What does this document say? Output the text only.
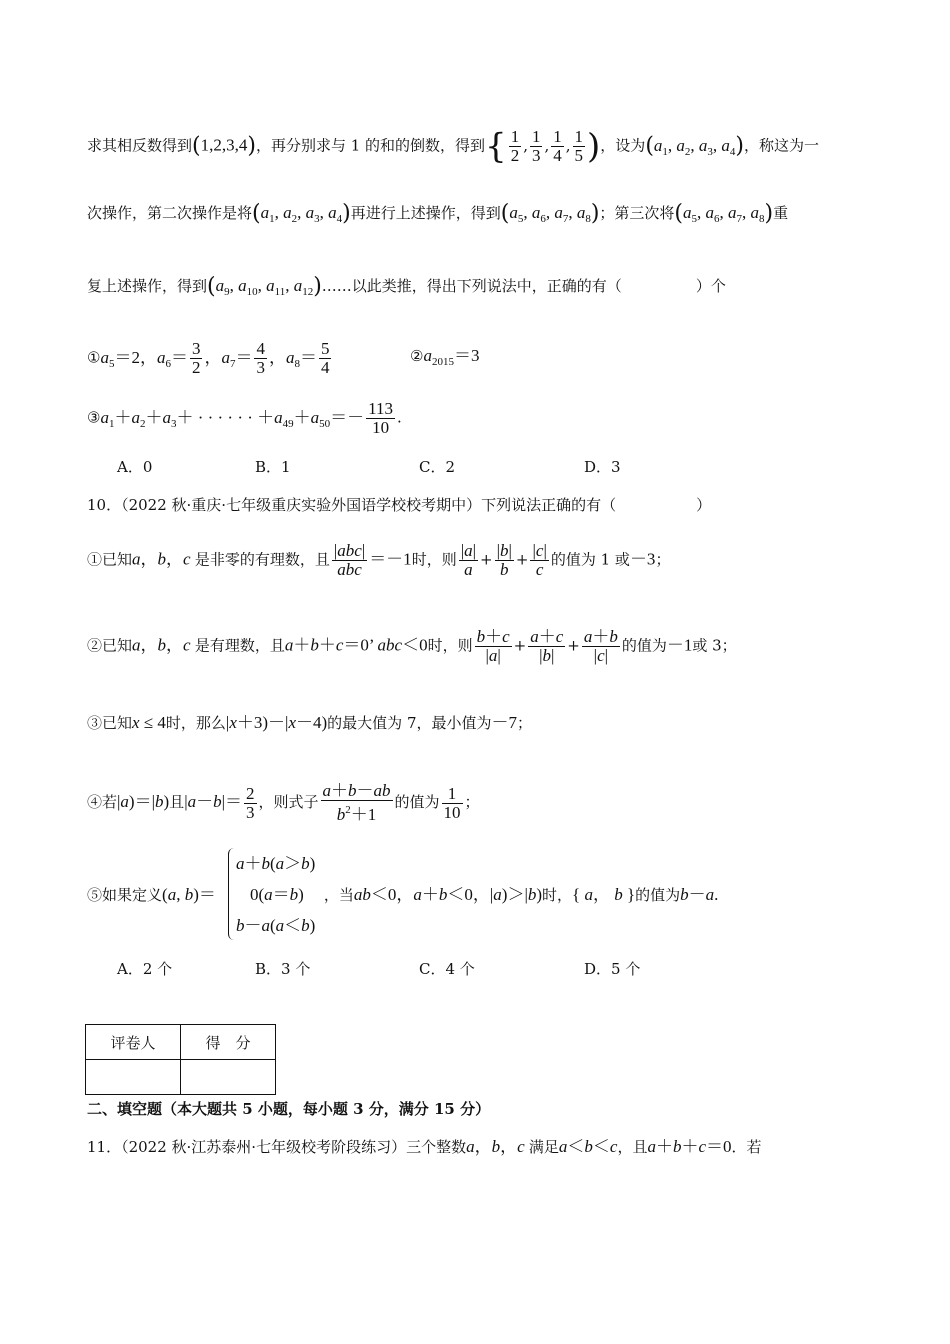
求其相反数得到(1,2,3,4)，再分别求与 1 的和的倒数，得到{ $\frac{1}{2}$ , $\frac{1}{3}$ , $\frac{1}{4}$ , $\frac{1}{5}$ )，设为($a_1$, $a_2$, $a_3$, $a_4$)，称这为一
次操作，第二次操作是将($a_1$, $a_2$, $a_3$, $a_4$)再进行上述操作，得到($a_5$, $a_6$, $a_7$, $a_8$)；第三次将($a_5$, $a_6$, $a_7$, $a_8$)重
复上述操作，得到($a_9$, $a_{10}$, $a_{11}$, $a_{12})\dots\dots$以此类推，得出下列说法中，正确的有（	）个
$①a_5=2$，$a_6= \frac{3}{2}$ ，$a_7= \frac{4}{3}$ ，$a_8= \frac{5}{4}$	$②a_{2015}=3$
$③a_1+a_2+a_3+$ · · · · · · $+a_{49}+a_{50}=- \frac{113}{10}$ .
A．0	B．1	C．2	D．3
10．（2022 秋·重庆·七年级重庆实验外国语学校校考期中）下列说法正确的有（	）
①已知a，b，c 是非零的有理数，且 $\frac{\text{|abc|}}{\text{abc}} =-1$时，则 $\frac{|a|}{a} + \frac{|b|}{b} + \frac{|c|}{c}$ 的值为 1 或－3；
②已知a，b，c 是有理数，且a＋b＋c＝0’ abc＜0时，则 $\frac{b+c}{|a|} + \frac{a+c}{|b|} + \frac{a+b}{|c|}$ 的值为－1或 3；
③已知x ≤ 4时，那么|x＋3)－|x－4)的最大值为 7，最小值为－7；
④若|a)＝|b)且$|a-b|= \frac{2}{3}$ ，则式子 $\frac{a+b-ab}{b^2+1}$ 的值为 $\frac{1}{10}$ ；
⑤如果定义(a, b)＝	，当ab＜0，a＋b＜0，|a)＞|b)时，{ a， b }的值为b－a.
a＋b(a＞b)
0(a＝b)
b－a(a＜b)
A．2 个	B．3 个	C．4 个	D．5 个
评卷人	得　分

二、填空题（本大题共 5 小题，每小题 3 分，满分 15 分）
11．（2022 秋·江苏泰州·七年级校考阶段练习）三个整数a，b，c 满足a＜b＜c，且a＋b＋c＝0．若
